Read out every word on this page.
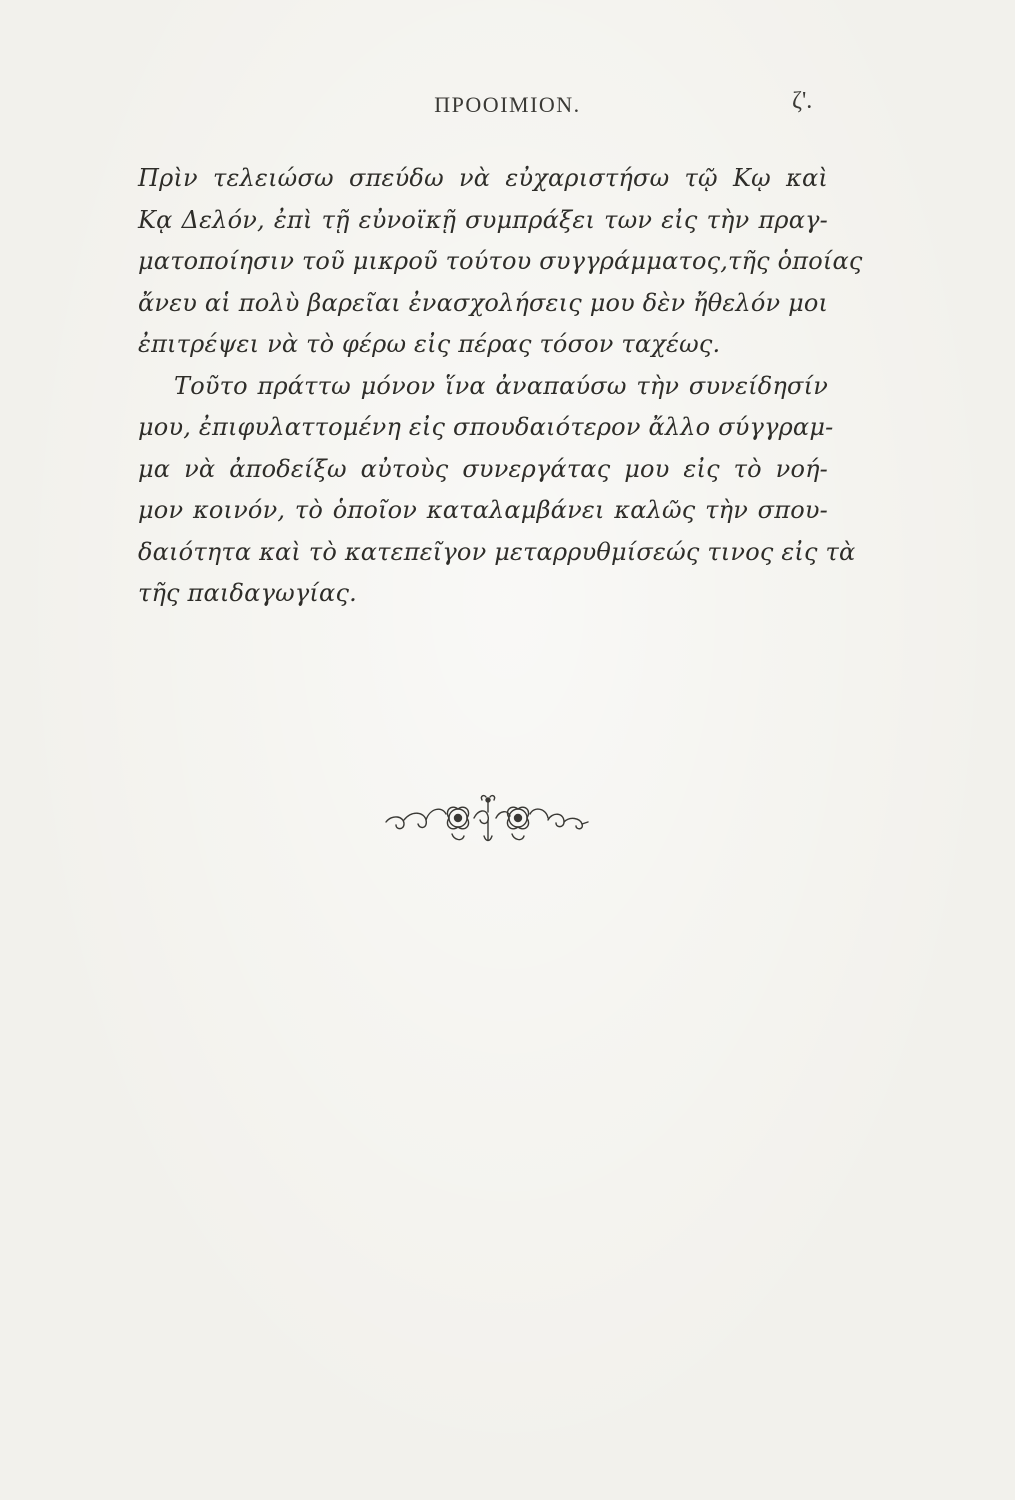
ΠΡΟΟΙΜΙΟΝ.	ζ'.
Πρὶν τελειώσω σπεύδω νὰ εὐχαριστήσω τῷ Κῳ καὶ
Κᾳ Δελόν, ἐπὶ τῇ εὐνοϊκῇ συμπράξει των εἰς τὴν πραγ-
ματοποίησιν τοῦ μικροῦ τούτου συγγράμματος,τῆς ὁποίας
ἄνευ αἱ πολὺ βαρεῖαι ἐνασχολήσεις μου δὲν ἤθελόν μοι
ἐπιτρέψει νὰ τὸ φέρω εἰς πέρας τόσον ταχέως.
Τοῦτο πράττω μόνον ἵνα ἀναπαύσω τὴν συνείδησίν
μου, ἐπιφυλαττομένη εἰς σπουδαιότερον ἄλλο σύγγραμ-
μα νὰ ἀποδείξω αὐτοὺς συνεργάτας μου εἰς τὸ νοή-
μον κοινόν, τὸ ὁποῖον καταλαμβάνει καλῶς τὴν σπου-
δαιότητα καὶ τὸ κατεπεῖγον μεταρρυθμίσεώς τινος εἰς τὰ
τῆς παιδαγωγίας.
